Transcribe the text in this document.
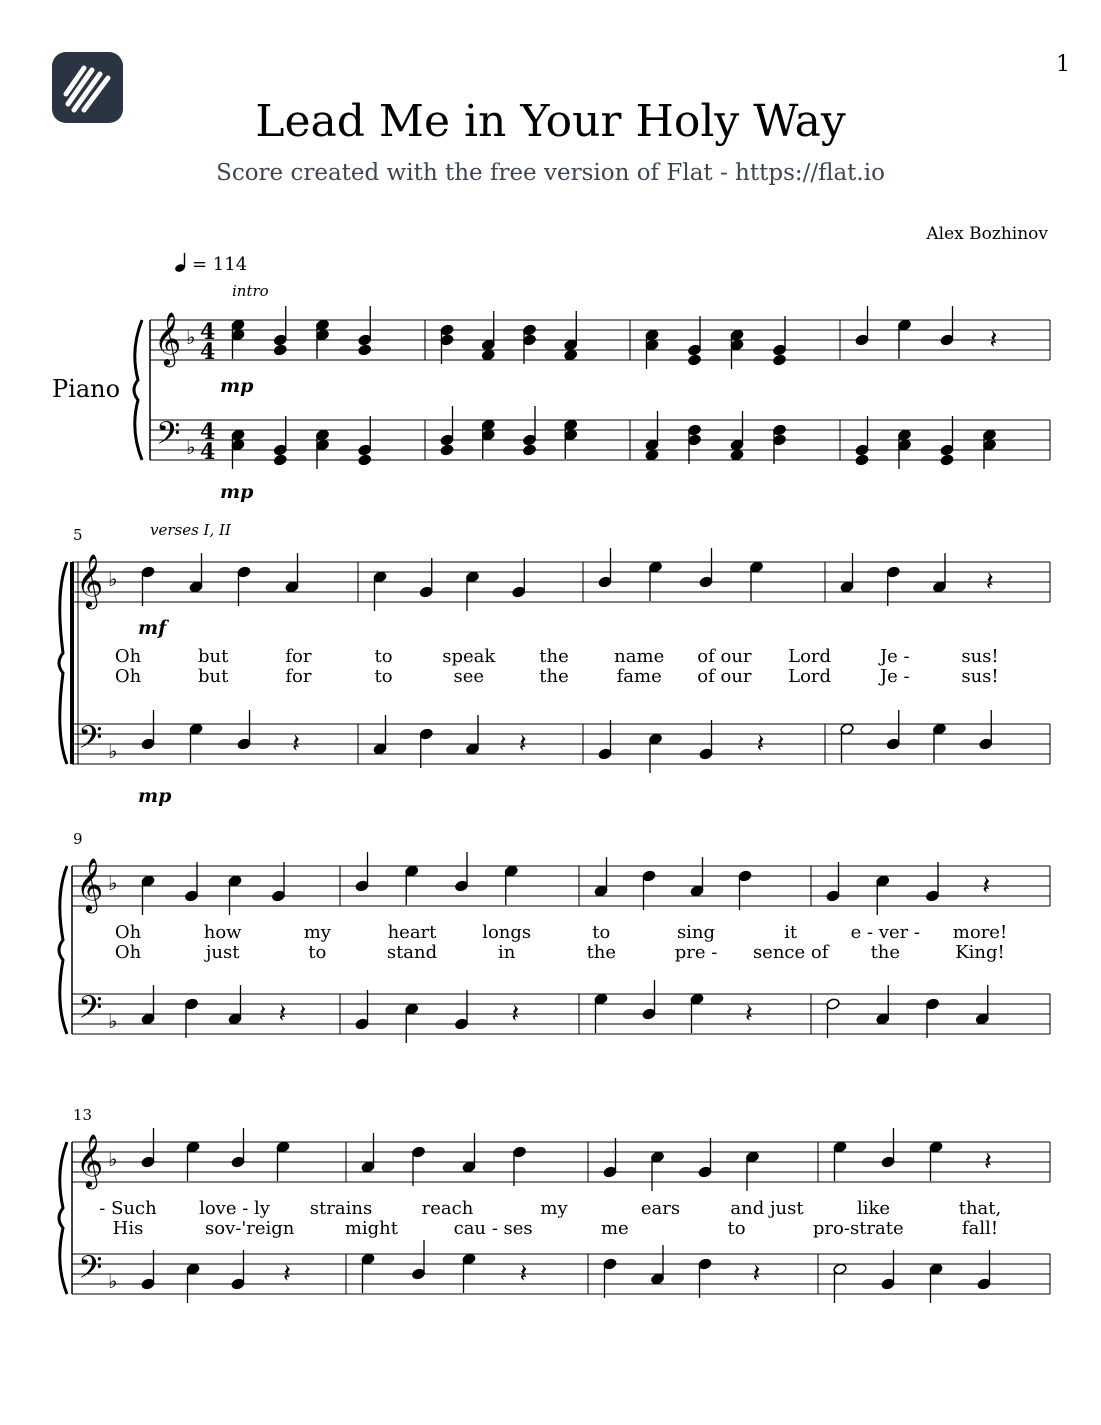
1
Lead Me in Your Holy Way
Score created with the free version of Flat - https://flat.io
Alex Bozhinov
= 114
Piano
𝄞
𝄢
♭
♭
4
4
4
4
𝄽
intro
mp
mp
𝄞
𝄢
♭
♭	𝄽	𝄽	𝄽
𝄽
5	verses I, II
mf
mp
Oh	but	for	to	speak the	name of our Lord	Je -	sus!
Oh	but	for	to	see	the	fame of our Lord	Je -	sus!
𝄞
𝄢
♭
♭	𝄽	𝄽	𝄽
𝄽
9
Oh	how	my	heart	longs	to	sing	it	e - ver - more!
Oh	just	to	stand	in	the	pre - sence of the	King!
𝄞
𝄢
♭
♭	𝄽	𝄽	𝄽
𝄽
13
- Such love - ly strains	reach	my	ears	and just	like	that,
His	sov-'reign	might	cau - ses	me	to	pro-strate	fall!
